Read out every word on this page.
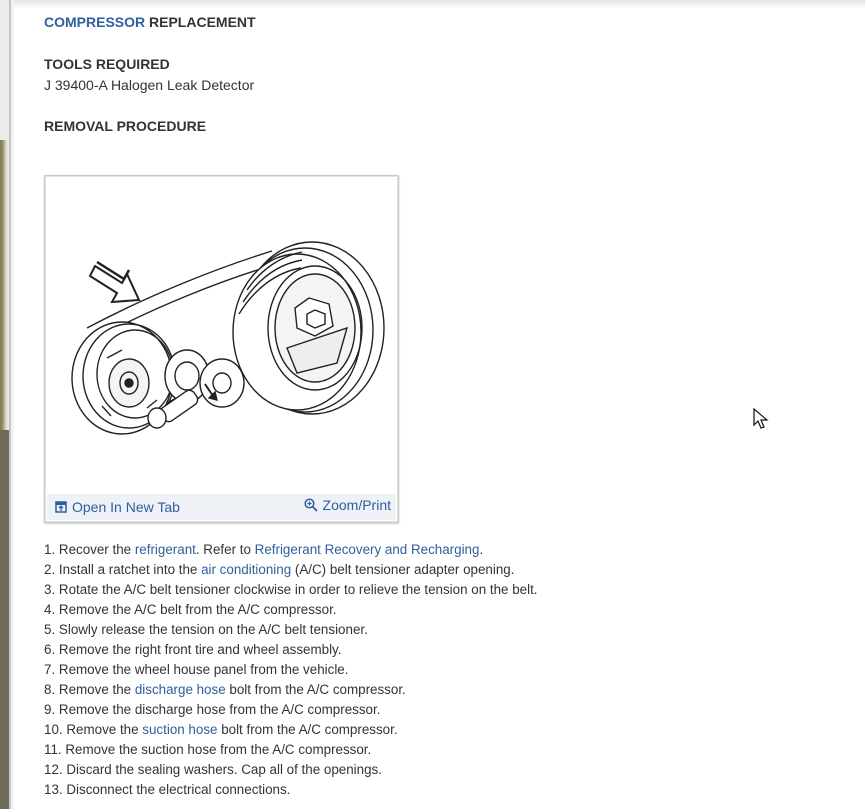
COMPRESSOR REPLACEMENT
TOOLS REQUIRED
J 39400-A Halogen Leak Detector
REMOVAL PROCEDURE
Open In New Tab	Zoom/Print
1. Recover the refrigerant. Refer to Refrigerant Recovery and Recharging.
2. Install a ratchet into the air conditioning (A/C) belt tensioner adapter opening.
3. Rotate the A/C belt tensioner clockwise in order to relieve the tension on the belt.
4. Remove the A/C belt from the A/C compressor.
5. Slowly release the tension on the A/C belt tensioner.
6. Remove the right front tire and wheel assembly.
7. Remove the wheel house panel from the vehicle.
8. Remove the discharge hose bolt from the A/C compressor.
9. Remove the discharge hose from the A/C compressor.
10. Remove the suction hose bolt from the A/C compressor.
11. Remove the suction hose from the A/C compressor.
12. Discard the sealing washers. Cap all of the openings.
13. Disconnect the electrical connections.
